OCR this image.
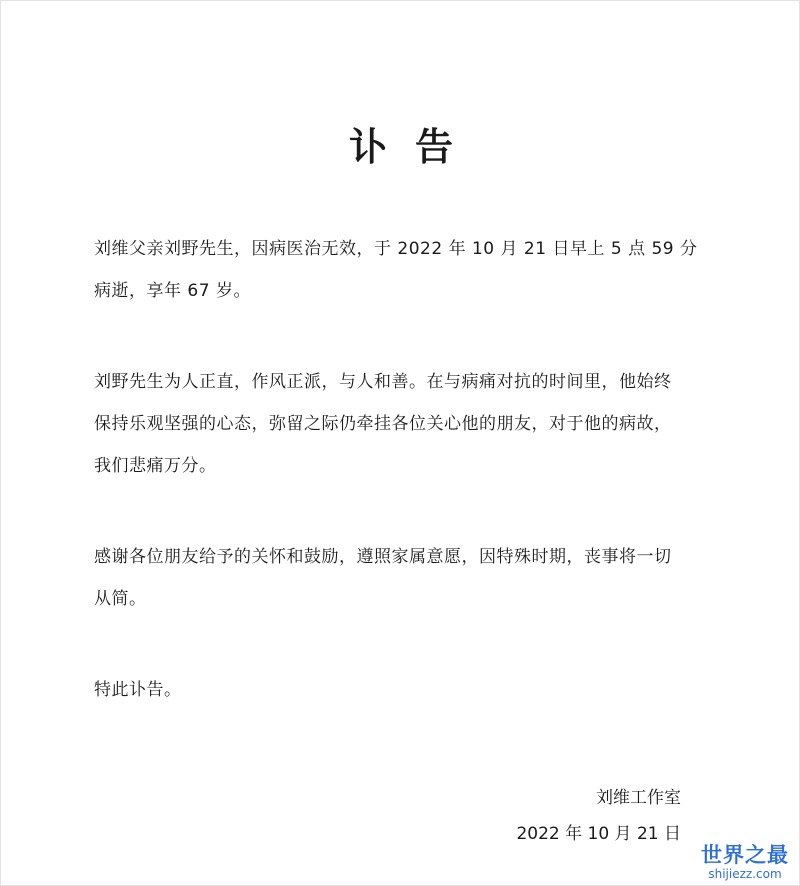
讣告
刘维父亲刘野先生，因病医治无效，于 2022 年 10 月 21 日早上 5 点 59 分
病逝，享年 67 岁。
刘野先生为人正直，作风正派，与人和善。在与病痛对抗的时间里，他始终
保持乐观坚强的心态，弥留之际仍牵挂各位关心他的朋友，对于他的病故，
我们悲痛万分。
感谢各位朋友给予的关怀和鼓励，遵照家属意愿，因特殊时期，丧事将一切
从简。
特此讣告。
刘维工作室
2022 年 10 月 21 日
世界之最
shijiezz.com
